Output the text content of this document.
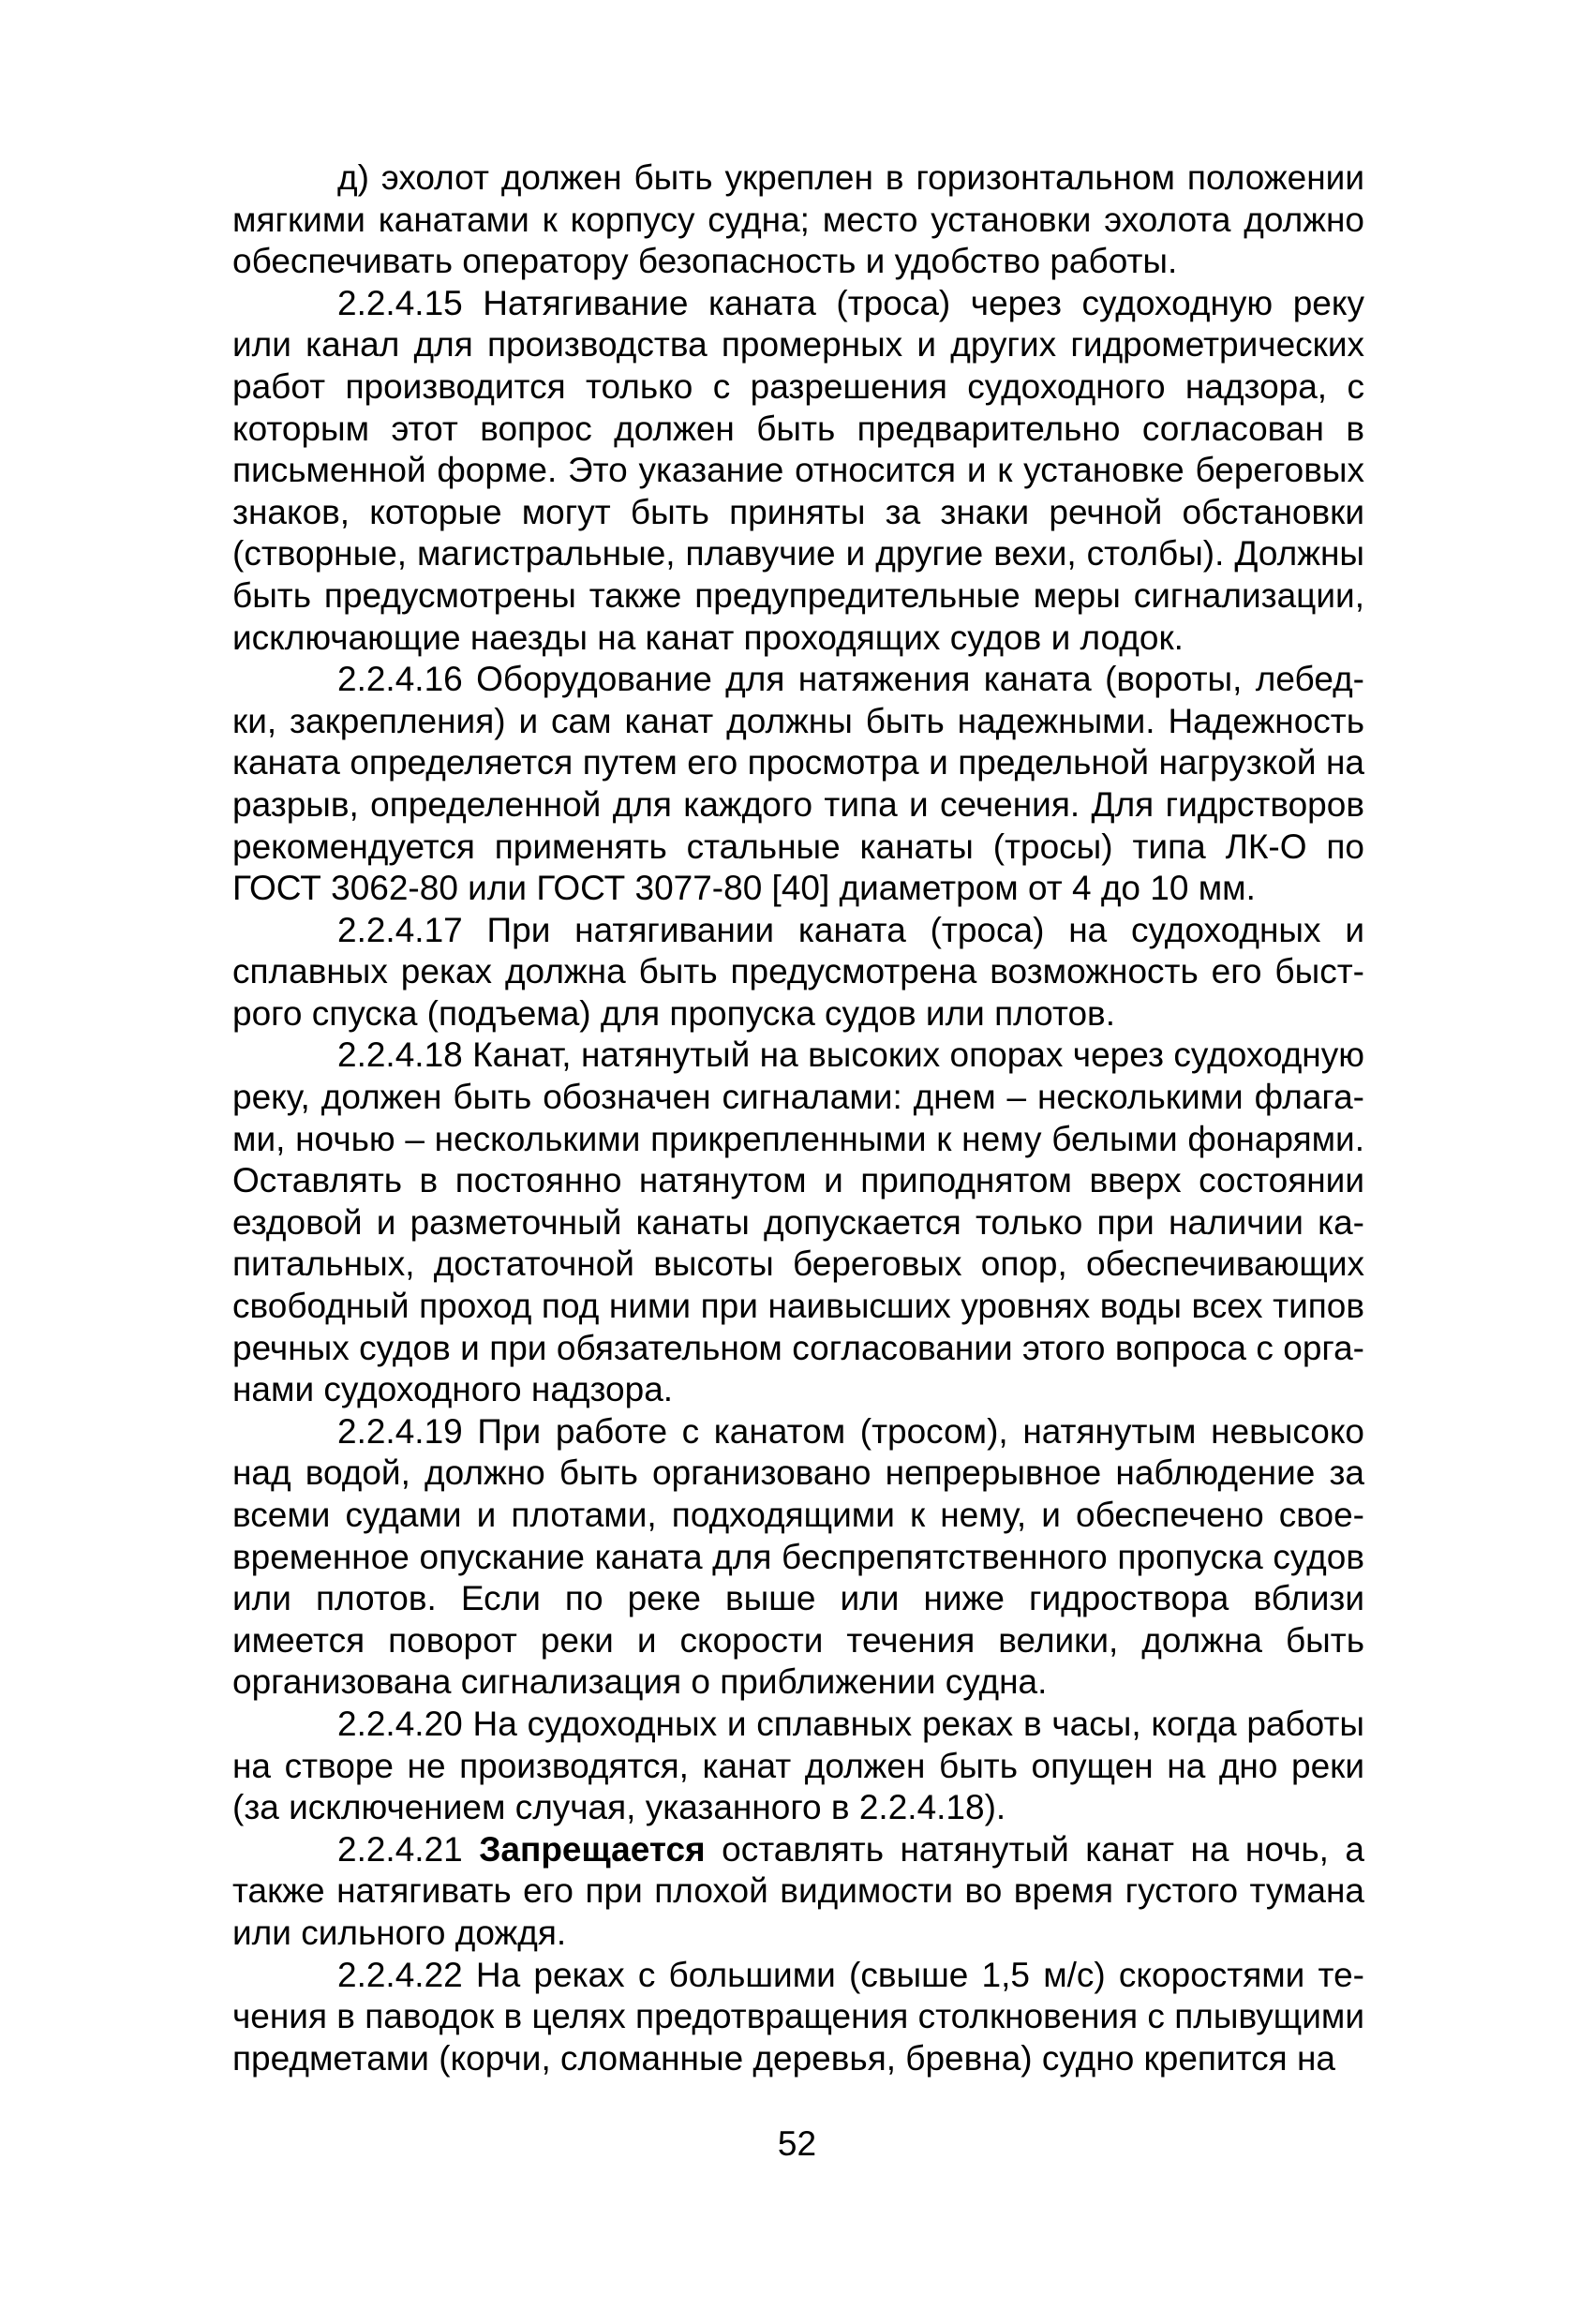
д) эхолот должен быть укреплен в горизонтальном положении мягкими канатами к корпусу судна; место установки эхолота должно обеспечивать оператору безопасность и удобство работы.

2.2.4.15 Натягивание каната (троса) через судоходную реку или канал для производства промерных и других гидрометрических работ производится только с разрешения судоходного надзора, с которым этот вопрос должен быть предварительно согласован в письменной форме. Это указание относится и к установке береговых знаков, которые могут быть приняты за знаки речной обстановки (створные, магистральные, плавучие и другие вехи, столбы). Должны быть предусмотрены также предупредительные меры сигнализации, исключающие наезды на канат проходящих судов и лодок.

2.2.4.16 Оборудование для натяжения каната (вороты, лебедки, закрепления) и сам канат должны быть надежными. Надежность каната определяется путем его просмотра и предельной нагрузкой на разрыв, определенной для каждого типа и сечения. Для гидрстворов рекомендуется применять стальные канаты (тросы) типа ЛК-О по ГОСТ 3062-80 или ГОСТ 3077-80 [40] диаметром от 4 до 10 мм.

2.2.4.17 При натягивании каната (троса) на судоходных и сплавных реках должна быть предусмотрена возможность его быстрого спуска (подъема) для пропуска судов или плотов.

2.2.4.18 Канат, натянутый на высоких опорах через судоходную реку, должен быть обозначен сигналами: днем – несколькими флагами, ночью – несколькими прикрепленными к нему белыми фонарями. Оставлять в постоянно натянутом и приподнятом вверх состоянии ездовой и разметочный канаты допускается только при наличии капитальных, достаточной высоты береговых опор, обеспечивающих свободный проход под ними при наивысших уровнях воды всех типов речных судов и при обязательном согласовании этого вопроса с органами судоходного надзора.

2.2.4.19 При работе с канатом (тросом), натянутым невысоко над водой, должно быть организовано непрерывное наблюдение за всеми судами и плотами, подходящими к нему, и обеспечено своевременное опускание каната для беспрепятственного пропуска судов или плотов. Если по реке выше или ниже гидроствора вблизи имеется поворот реки и скорости течения велики, должна быть организована сигнализация о приближении судна.

2.2.4.20 На судоходных и сплавных реках в часы, когда работы на створе не производятся, канат должен быть опущен на дно реки (за исключением случая, указанного в 2.2.4.18).

2.2.4.21 Запрещается оставлять натянутый канат на ночь, а также натягивать его при плохой видимости во время густого тумана или сильного дождя.

2.2.4.22 На реках с большими (свыше 1,5 м/с) скоростями течения в паводок в целях предотвращения столкновения с плывущими предметами (корчи, сломанные деревья, бревна) судно крепится на

52
